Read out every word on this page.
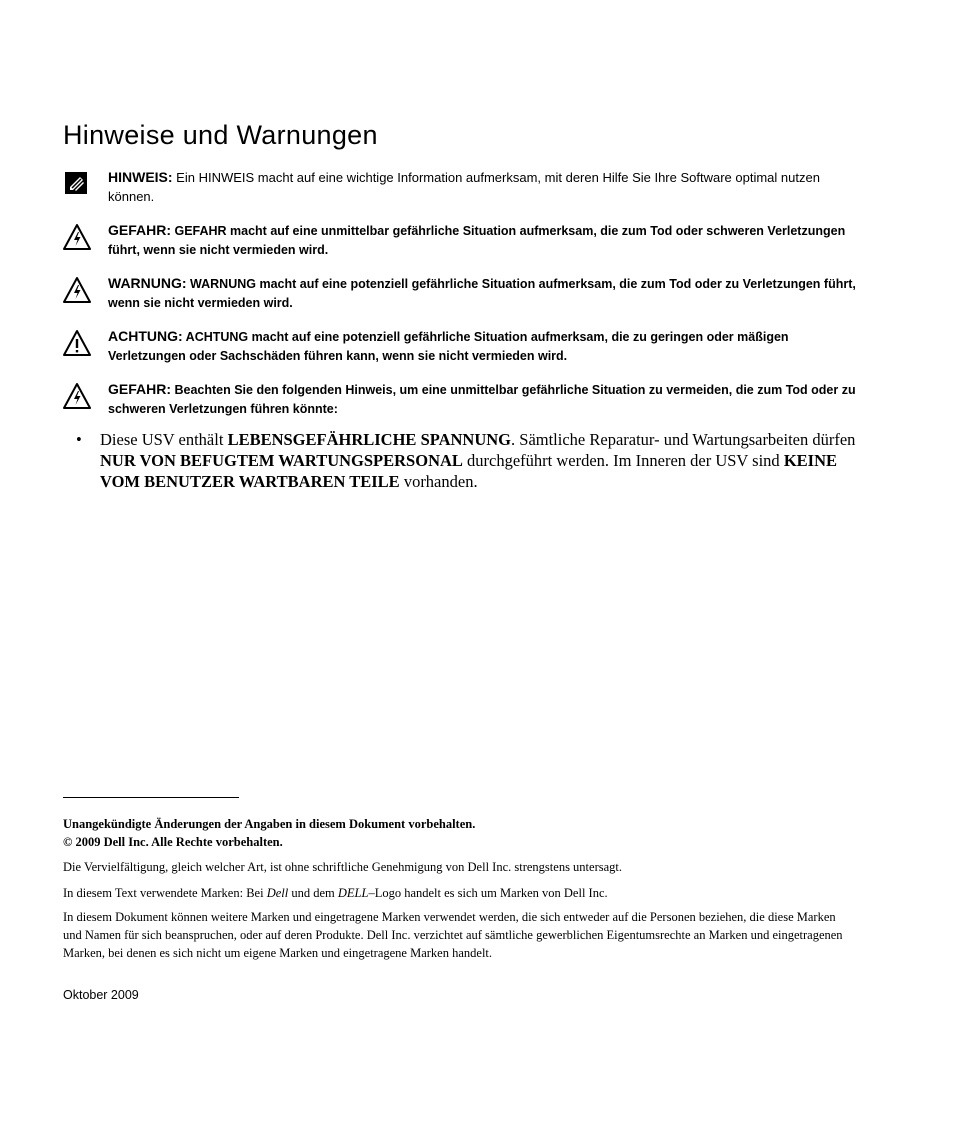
Hinweise und Warnungen
HINWEIS: Ein HINWEIS macht auf eine wichtige Information aufmerksam, mit deren Hilfe Sie Ihre Software optimal nutzen können.
GEFAHR: GEFAHR macht auf eine unmittelbar gefährliche Situation aufmerksam, die zum Tod oder schweren Verletzungen führt, wenn sie nicht vermieden wird.
WARNUNG: WARNUNG macht auf eine potenziell gefährliche Situation aufmerksam, die zum Tod oder zu Verletzungen führt, wenn sie nicht vermieden wird.
ACHTUNG: ACHTUNG macht auf eine potenziell gefährliche Situation aufmerksam, die zu geringen oder mäßigen Verletzungen oder Sachschäden führen kann, wenn sie nicht vermieden wird.
GEFAHR: Beachten Sie den folgenden Hinweis, um eine unmittelbar gefährliche Situation zu vermeiden, die zum Tod oder zu schweren Verletzungen führen könnte:
• Diese USV enthält LEBENSGEFÄHRLICHE SPANNUNG. Sämtliche Reparatur- und Wartungsarbeiten dürfen NUR VON BEFUGTEM WARTUNGSPERSONAL durchgeführt werden. Im Inneren der USV sind KEINE VOM BENUTZER WARTBAREN TEILE vorhanden.
Unangekündigte Änderungen der Angaben in diesem Dokument vorbehalten.
© 2009 Dell Inc. Alle Rechte vorbehalten.
Die Vervielfältigung, gleich welcher Art, ist ohne schriftliche Genehmigung von Dell Inc. strengstens untersagt.
In diesem Text verwendete Marken: Bei Dell und dem DELL–Logo handelt es sich um Marken von Dell Inc.
In diesem Dokument können weitere Marken und eingetragene Marken verwendet werden, die sich entweder auf die Personen beziehen, die diese Marken und Namen für sich beanspruchen, oder auf deren Produkte. Dell Inc. verzichtet auf sämtliche gewerblichen Eigentumsrechte an Marken und eingetragenen Marken, bei denen es sich nicht um eigene Marken und eingetragene Marken handelt.
Oktober 2009
